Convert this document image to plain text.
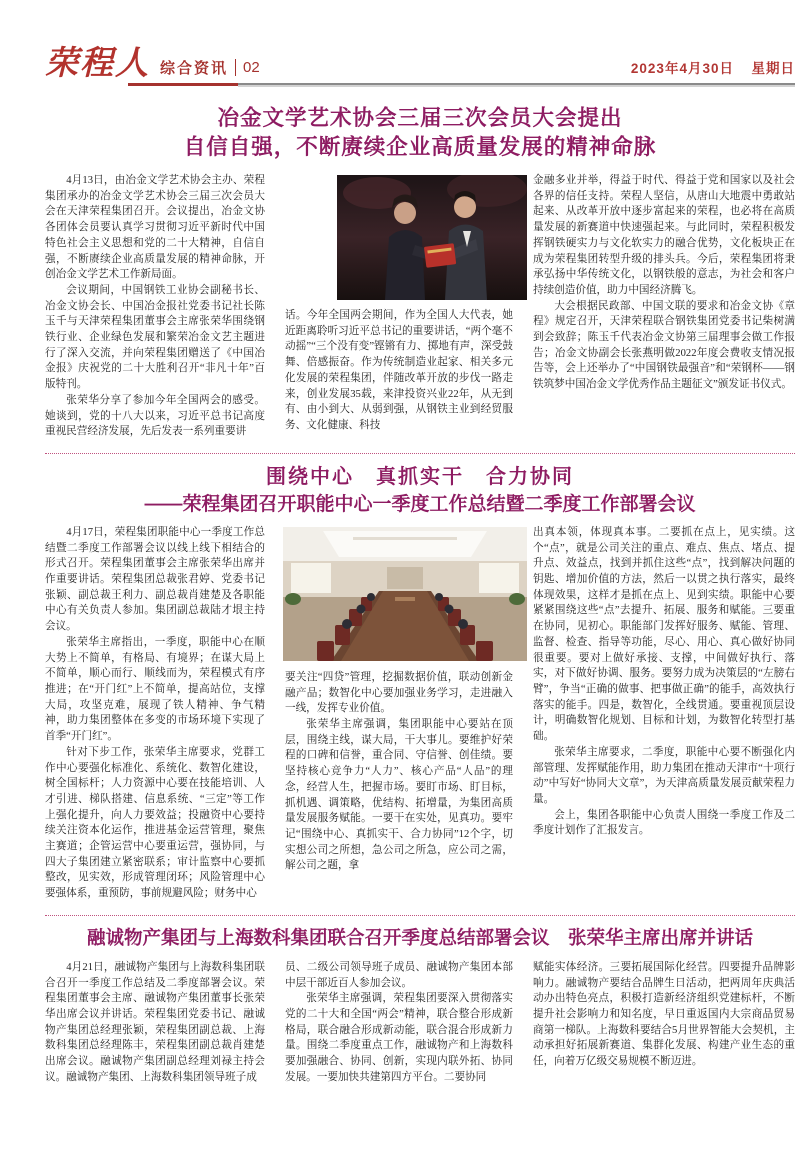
荣程人 综合资讯 02	2023年4月30日 星期日
冶金文学艺术协会三届三次会员大会提出
自信自强，不断赓续企业高质量发展的精神命脉

4月13日，由冶金文学艺术协会主办、荣程集团承办的冶金文学艺术协会三届三次会员大会在天津荣程集团召开。会议提出，冶金文协各团体会员要认真学习贯彻习近平新时代中国特色社会主义思想和党的二十大精神，自信自强，不断赓续企业高质量发展的精神命脉，开创冶金文学艺术工作新局面。

会议期间，中国钢铁工业协会副秘书长、冶金文协会长、中国冶金报社党委书记社长陈玉千与天津荣程集团董事会主席张荣华围绕钢铁行业、企业绿色发展和繁荣冶金文艺主题进行了深入交流，并向荣程集团赠送了《中国冶金报》庆祝党的二十大胜利召开“非凡十年”百版特刊。

张荣华分享了参加今年全国两会的感受。她谈到，党的十八大以来，习近平总书记高度重视民营经济发展，先后发表一系列重要讲

话。今年全国两会期间，作为全国人大代表，她近距离聆听习近平总书记的重要讲话，“两个毫不动摇”“三个没有变”铿锵有力、掷地有声，深受鼓舞、倍感振奋。作为传统制造业起家、相关多元化发展的荣程集团，伴随改革开放的步伐一路走来，创业发展35载，来津投资兴业22年，从无到有、由小到大、从弱到强，从钢铁主业到经贸服务、文化健康、科技

金融多业并举，得益于时代、得益于党和国家以及社会各界的信任支持。荣程人坚信，从唐山大地震中勇敢站起来、从改革开放中逐步富起来的荣程，也必将在高质量发展的新赛道中快速强起来。与此同时，荣程积极发挥钢铁硬实力与文化软实力的融合优势，文化板块正在成为荣程集团转型升级的排头兵。今后，荣程集团将秉承弘扬中华传统文化，以钢铁般的意志，为社会和客户持续创造价值，助力中国经济腾飞。

大会根据民政部、中国文联的要求和冶金文协《章程》规定召开，天津荣程联合钢铁集团党委书记柴树满到会致辞；陈玉千代表冶金文协第三届理事会做工作报告；冶金文协副会长张燕明做2022年度会费收支情况报告等，会上还举办了“中国钢铁最强音”和“荣钢杯——钢铁筑梦中国冶金文学优秀作品主题征文”颁发证书仪式。

围绕中心　真抓实干　合力协同
——荣程集团召开职能中心一季度工作总结暨二季度工作部署会议

4月17日，荣程集团职能中心一季度工作总结暨二季度工作部署会议以线上线下相结合的形式召开。荣程集团董事会主席张荣华出席并作重要讲话。荣程集团总裁张君婷、党委书记张颖、副总裁王利力、副总裁肖建楚及各职能中心有关负责人参加。集团副总裁陆才垠主持会议。

张荣华主席指出，一季度，职能中心在顺大势上不简单，有格局、有境界；在谋大局上不简单，顺心而行、顺线而为，荣程模式有序推进；在“开门红”上不简单，提高站位，支撑大局，攻坚克难，展现了铁人精神、争气精神，助力集团整体在多变的市场环境下实现了首季“开门红”。

针对下步工作，张荣华主席要求，党群工作中心要强化标准化、系统化、数智化建设，树全国标杆；人力资源中心要在技能培训、人才引进、梯队搭建、信息系统、“三定”等工作上强化提升，向人力要效益；投融资中心要持续关注资本化运作，推进基金运营管理，聚焦主赛道；企管运营中心要重运营，强协同，与四大子集团建立紧密联系；审计监察中心要抓整改，见实效，形成管理闭环；风险管理中心要强体系，重预防，事前规避风险；财务中心

要关注“四贷”管理，挖掘数据价值，联动创新金融产品；数智化中心要加强业务学习，走进融入一线，发挥专业价值。

张荣华主席强调，集团职能中心要站在顶层，围绕主线，谋大局，干大事儿。要维护好荣程的口碑和信誉，重合同、守信誉、创佳绩。要坚持核心竞争力“人力”、核心产品“人品”的理念，经营人生，把握市场。要盯市场、盯目标，抓机遇、调策略，优结构、拓增量，为集团高质量发展服务赋能。一要干在实处，见真功。要牢记“围绕中心、真抓实干、合力协同”12个字，切实想公司之所想，急公司之所急，应公司之需，解公司之题，拿

出真本领，体现真本事。二要抓在点上，见实绩。这个“点”，就是公司关注的重点、难点、焦点、堵点、提升点、效益点，找到并抓住这些“点”，找到解决问题的钥匙、增加价值的方法，然后一以贯之执行落实，最终体现效果，这样才是抓在点上、见到实绩。职能中心要紧紧围绕这些“点”去提升、拓展、服务和赋能。三要重在协同，见初心。职能部门发挥好服务、赋能、管理、监督、检查、指导等功能，尽心、用心、真心做好协同很重要。要对上做好承接、支撑，中间做好执行、落实，对下做好协调、服务。要努力成为决策层的“左膀右臂”，争当“正确的做事、把事做正确”的能手，高效执行落实的能手。四是，数智化，全线贯通。要重视顶层设计，明确数智化规划、目标和计划，为数智化转型打基础。

张荣华主席要求，二季度，职能中心要不断强化内部管理、发挥赋能作用，助力集团在推动天津市“十项行动”中写好“协同大文章”，为天津高质量发展贡献荣程力量。

会上，集团各职能中心负责人围绕一季度工作及二季度计划作了汇报发言。

融诚物产集团与上海数科集团联合召开季度总结部署会议　张荣华主席出席并讲话

4月21日，融诚物产集团与上海数科集团联合召开一季度工作总结及二季度部署会议。荣程集团董事会主席、融诚物产集团董事长张荣华出席会议并讲话。荣程集团党委书记、融诚物产集团总经理张颖，荣程集团副总裁、上海数科集团总经理陈丰，荣程集团副总裁肖建楚出席会议。融诚物产集团副总经理刘禄主持会议。融诚物产集团、上海数科集团领导班子成

员、二级公司领导班子成员、融诚物产集团本部中层干部近百人参加会议。

张荣华主席强调，荣程集团要深入贯彻落实党的二十大和全国“两会”精神，联合整合形成新格局，联合融合形成新动能，联合混合形成新力量。围绕二季度重点工作，融诚物产和上海数科要加强融合、协同、创新，实现内联外拓、协同发展。一要加快共建第四方平台。二要协同

赋能实体经济。三要拓展国际化经营。四要提升品牌影响力。融诚物产要结合品牌生日活动，把两周年庆典活动办出特色亮点，积极打造新经济组织党建标杆，不断提升社会影响力和知名度，早日重返国内大宗商品贸易商第一梯队。上海数科要结合5月世界智能大会契机，主动承担好拓展新赛道、集群化发展、构建产业生态的重任，向着万亿级交易规模不断迈进。
